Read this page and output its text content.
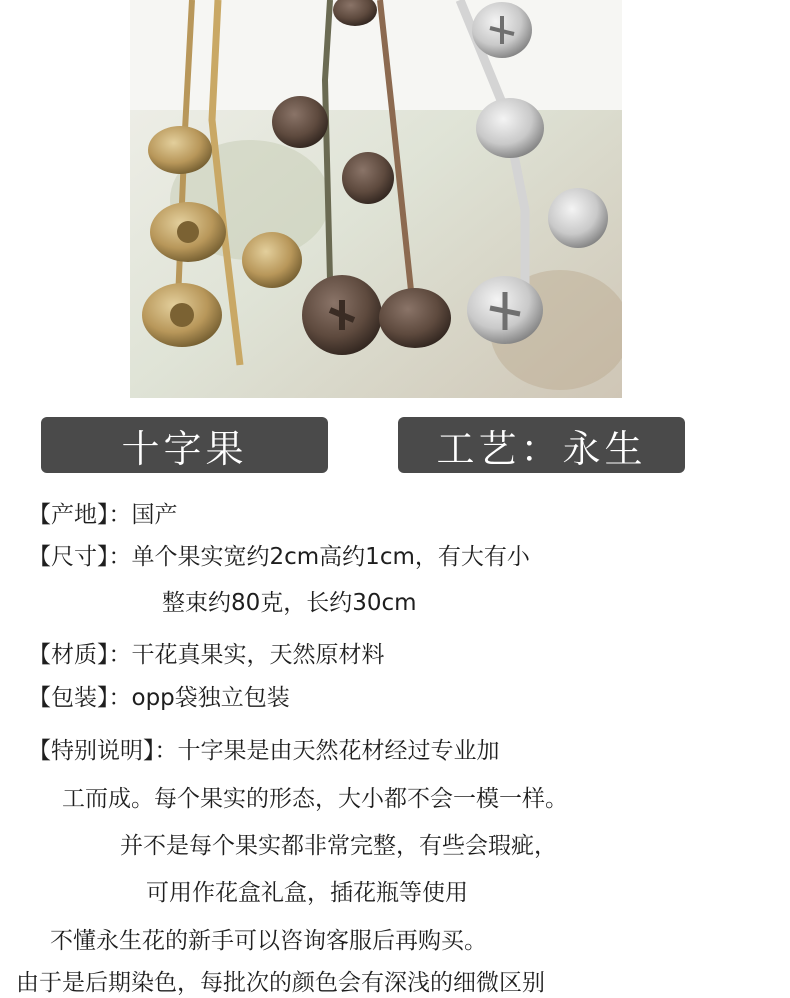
十字果	工艺：永生
【产地】：国产
【尺寸】：单个果实宽约2cm高约1cm，有大有小
整束约80克，长约30cm
【材质】：干花真果实，天然原材料
【包装】：opp袋独立包装
【特别说明】：十字果是由天然花材经过专业加
工而成。每个果实的形态，大小都不会一模一样。
并不是每个果实都非常完整，有些会瑕疵，
可用作花盒礼盒，插花瓶等使用
不懂永生花的新手可以咨询客服后再购买。
由于是后期染色，每批次的颜色会有深浅的细微区别
